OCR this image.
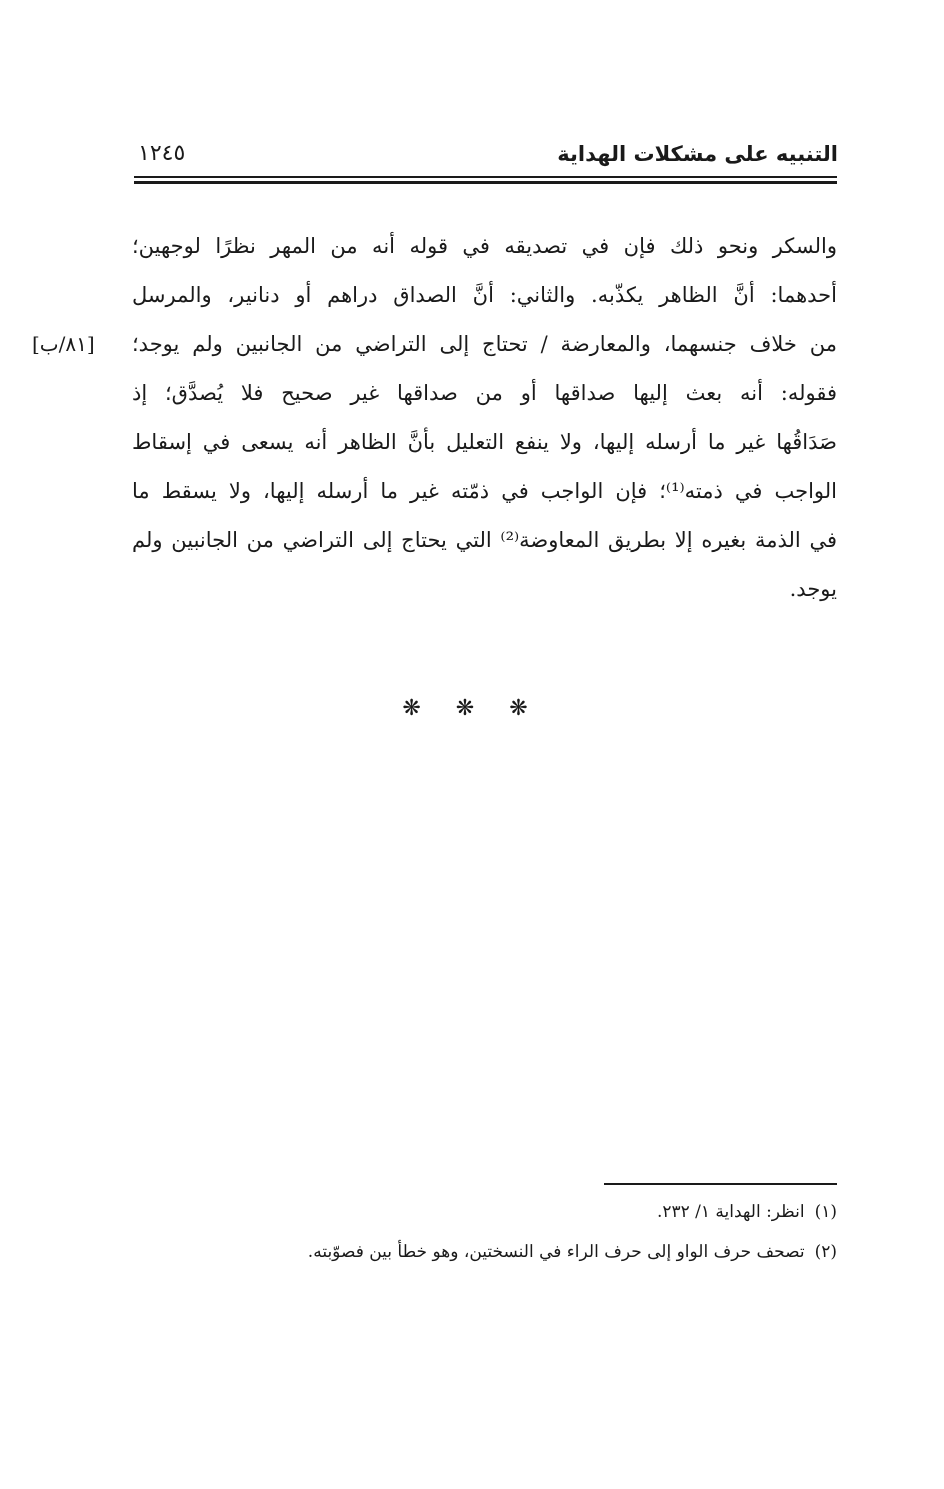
التنبيه على مشكلات الهداية
١٢٤٥
والسكر ونحو ذلك فإن في تصديقه في قوله أنه من المهر نظرًا لوجهين؛
أحدهما: أنَّ الظاهر يكذّبه. والثاني: أنَّ الصداق دراهم أو دنانير، والمرسل
من خلاف جنسهما، والمعارضة / تحتاج إلى التراضي من الجانبين ولم يوجد؛
[٨١/ب]
فقوله: أنه بعث إليها صداقها أو من صداقها غير صحيح فلا يُصدَّق؛ إذ
صَدَاقُها غير ما أرسله إليها، ولا ينفع التعليل بأنَّ الظاهر أنه يسعى في إسقاط
الواجب في ذمته⁽¹⁾؛ فإن الواجب في ذمّته غير ما أرسله إليها، ولا يسقط ما
في الذمة بغيره إلا بطريق المعاوضة⁽²⁾ التي يحتاج إلى التراضي من الجانبين ولم
يوجد.
❋ ❋ ❋
(١)انظر: الهداية ١/ ٢٣٢.
(٢)تصحف حرف الواو إلى حرف الراء في النسختين، وهو خطأ بين فصوّبته.
